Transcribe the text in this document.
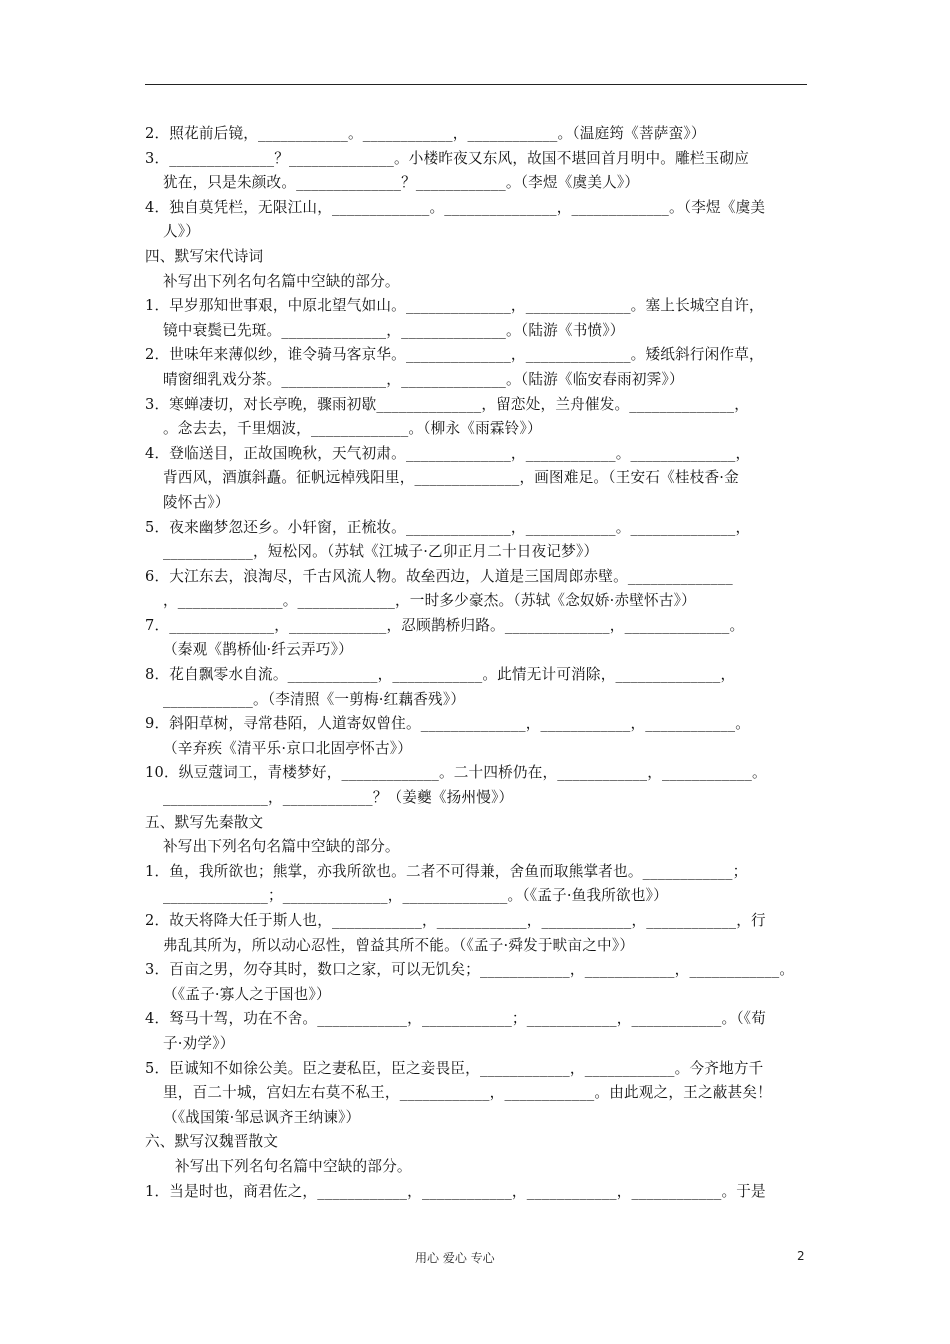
2．照花前后镜，____________。____________，____________。（温庭筠《菩萨蛮》）
3．______________？______________。小楼昨夜又东风，故国不堪回首月明中。雕栏玉砌应
犹在，只是朱颜改。______________？____________。（李煜《虞美人》）
4．独自莫凭栏，无限江山，_____________。_______________，_____________。（李煜《虞美
人》）
四、默写宋代诗词
补写出下列名句名篇中空缺的部分。
1．早岁那知世事艰，中原北望气如山。______________，______________。塞上长城空自许，
镜中衰鬓已先斑。______________，______________。（陆游《书愤》）
2．世味年来薄似纱，谁令骑马客京华。______________，______________。矮纸斜行闲作草，
晴窗细乳戏分茶。______________，______________。（陆游《临安春雨初霁》）
3．寒蝉凄切，对长亭晚，骤雨初歇______________，留恋处，兰舟催发。______________，
。念去去，千里烟波，_____________。（柳永《雨霖铃》）
4．登临送目，正故国晚秋，天气初肃。______________，____________。______________，
背西风，酒旗斜矗。征帆远棹残阳里，______________，画图难足。（王安石《桂枝香·金
陵怀古》）
5．夜来幽梦忽还乡。小轩窗，正梳妆。______________，____________。______________，
____________，短松冈。（苏轼《江城子·乙卯正月二十日夜记梦》）
6．大江东去，浪淘尽，千古风流人物。故垒西边，人道是三国周郎赤壁。______________
，______________。_____________，一时多少豪杰。（苏轼《念奴娇·赤壁怀古》）
7．______________，_____________，忍顾鹊桥归路。______________，______________。
（秦观《鹊桥仙·纤云弄巧》）
8．花自飘零水自流。____________，____________。此情无计可消除，______________，
____________。（李清照《一剪梅·红藕香残》）
9．斜阳草树，寻常巷陌，人道寄奴曾住。______________，____________，____________。
（辛弃疾《清平乐·京口北固亭怀古》）
10．纵豆蔻词工，青楼梦好，_____________。二十四桥仍在，____________，____________。
______________，____________？（姜夔《扬州慢》）
五、默写先秦散文
补写出下列名句名篇中空缺的部分。
1．鱼，我所欲也；熊掌，亦我所欲也。二者不可得兼，舍鱼而取熊掌者也。____________；
______________；______________，______________。（《孟子·鱼我所欲也》）
2．故天将降大任于斯人也，____________，____________，____________，____________，行
弗乱其所为，所以动心忍性，曾益其所不能。（《孟子·舜发于畎亩之中》）
3．百亩之男，勿夺其时，数口之家，可以无饥矣；____________，____________，____________。
（《孟子·寡人之于国也》）
4．驽马十驾，功在不舍。____________，____________；____________，____________。（《荀
子·劝学》）
5．臣诚知不如徐公美。臣之妻私臣，臣之妾畏臣，____________，____________。今齐地方千
里，百二十城，宫妇左右莫不私王，____________，____________。由此观之，王之蔽甚矣！
（《战国策·邹忌讽齐王纳谏》）
六、默写汉魏晋散文
补写出下列名句名篇中空缺的部分。
1．当是时也，商君佐之，____________，____________，____________，____________。于是
用心 爱心 专心	2
